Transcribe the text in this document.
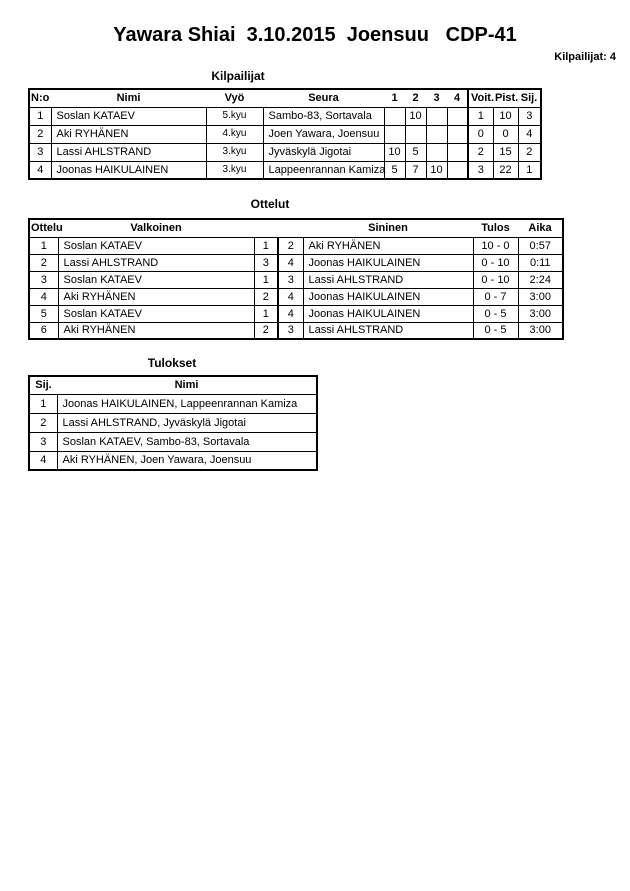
Yawara Shiai  3.10.2015  Joensuu   CDP-41
Kilpailijat: 4
Kilpailijat
N:o	Nimi	Vyö	Seura	1	2	3	4	Voit.	Pist.	Sij.
1	Soslan KATAEV	5.kyu	Sambo-83, Sortavala		10			1	10	3
2	Aki RYHÄNEN	4.kyu	Joen Yawara, Joensuu					0	0	4
3	Lassi AHLSTRAND	3.kyu	Jyväskylä Jigotai	10	5			2	15	2
4	Joonas HAIKULAINEN	3.kyu	Lappeenrannan Kamiza	5	7	10		3	22	1
Ottelut
Ottelu	Valkoinen			Sininen	Tulos	Aika
1	Soslan KATAEV	1	2	Aki RYHÄNEN	10 - 0	0:57
2	Lassi AHLSTRAND	3	4	Joonas HAIKULAINEN	0 - 10	0:11
3	Soslan KATAEV	1	3	Lassi AHLSTRAND	0 - 10	2:24
4	Aki RYHÄNEN	2	4	Joonas HAIKULAINEN	0 - 7	3:00
5	Soslan KATAEV	1	4	Joonas HAIKULAINEN	0 - 5	3:00
6	Aki RYHÄNEN	2	3	Lassi AHLSTRAND	0 - 5	3:00
Tulokset
Sij.	Nimi
1	Joonas HAIKULAINEN, Lappeenrannan Kamiza
2	Lassi AHLSTRAND, Jyväskylä Jigotai
3	Soslan KATAEV, Sambo-83, Sortavala
4	Aki RYHÄNEN, Joen Yawara, Joensuu
